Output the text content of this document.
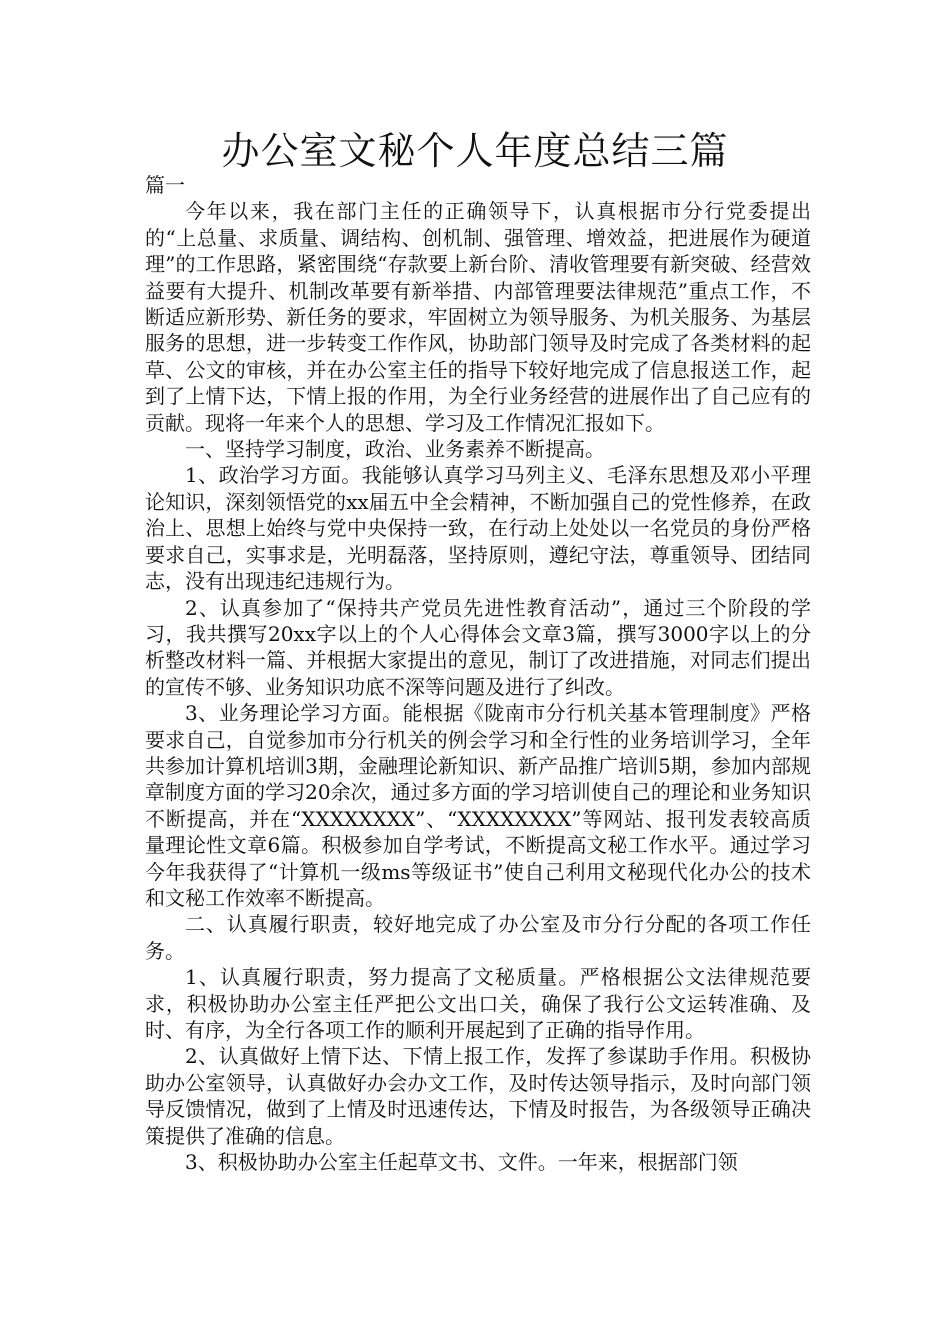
办公室文秘个人年度总结三篇

篇一

今年以来，我在部门主任的正确领导下，认真根据市分行党委提出的“上总量、求质量、调结构、创机制、强管理、增效益，把进展作为硬道理”的工作思路，紧密围绕“存款要上新台阶、清收管理要有新突破、经营效益要有大提升、机制改革要有新举措、内部管理要法律规范”重点工作，不断适应新形势、新任务的要求，牢固树立为领导服务、为机关服务、为基层服务的思想，进一步转变工作作风，协助部门领导及时完成了各类材料的起草、公文的审核，并在办公室主任的指导下较好地完成了信息报送工作，起到了上情下达，下情上报的作用，为全行业务经营的进展作出了自己应有的贡献。现将一年来个人的思想、学习及工作情况汇报如下。

一、坚持学习制度，政治、业务素养不断提高。

1、政治学习方面。我能够认真学习马列主义、毛泽东思想及邓小平理论知识，深刻领悟党的xx届五中全会精神，不断加强自己的党性修养，在政治上、思想上始终与党中央保持一致，在行动上处处以一名党员的身份严格要求自己，实事求是，光明磊落，坚持原则，遵纪守法，尊重领导、团结同志，没有出现违纪违规行为。

2、认真参加了“保持共产党员先进性教育活动”，通过三个阶段的学习，我共撰写20xx字以上的个人心得体会文章3篇，撰写3000字以上的分析整改材料一篇、并根据大家提出的意见，制订了改进措施，对同志们提出的宣传不够、业务知识功底不深等问题及进行了纠改。

3、业务理论学习方面。能根据《陇南市分行机关基本管理制度》严格要求自己，自觉参加市分行机关的例会学习和全行性的业务培训学习，全年共参加计算机培训3期，金融理论新知识、新产品推广培训5期，参加内部规章制度方面的学习20余次，通过多方面的学习培训使自己的理论和业务知识不断提高，并在“XXXXXXXX”、“XXXXXXXX”等网站、报刊发表较高质量理论性文章6篇。积极参加自学考试，不断提高文秘工作水平。通过学习今年我获得了“计算机一级ms等级证书”使自己利用文秘现代化办公的技术和文秘工作效率不断提高。

二、认真履行职责，较好地完成了办公室及市分行分配的各项工作任务。

1、认真履行职责，努力提高了文秘质量。严格根据公文法律规范要求，积极协助办公室主任严把公文出口关，确保了我行公文运转准确、及时、有序，为全行各项工作的顺利开展起到了正确的指导作用。

2、认真做好上情下达、下情上报工作，发挥了参谋助手作用。积极协助办公室领导，认真做好办会办文工作，及时传达领导指示，及时向部门领导反馈情况，做到了上情及时迅速传达，下情及时报告，为各级领导正确决策提供了准确的信息。

3、积极协助办公室主任起草文书、文件。一年来，根据部门领
